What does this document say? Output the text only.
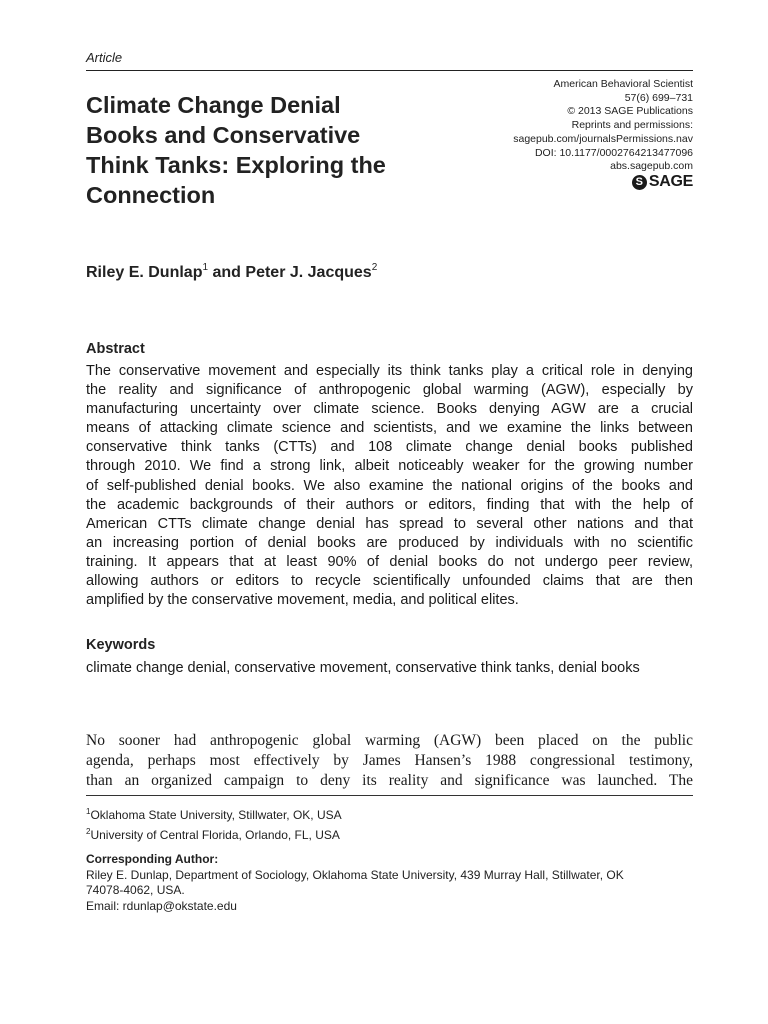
Article
American Behavioral Scientist
57(6) 699–731
© 2013 SAGE Publications
Reprints and permissions:
sagepub.com/journalsPermissions.nav
DOI: 10.1177/0002764213477096
abs.sagepub.com
S SAGE
Climate Change Denial
Books and Conservative
Think Tanks: Exploring the
Connection
Riley E. Dunlap$^1$ and Peter J. Jacques$^2$
Abstract
The conservative movement and especially its think tanks play a critical role in denying
the reality and significance of anthropogenic global warming (AGW), especially by
manufacturing uncertainty over climate science. Books denying AGW are a crucial
means of attacking climate science and scientists, and we examine the links between
conservative think tanks (CTTs) and 108 climate change denial books published
through 2010. We find a strong link, albeit noticeably weaker for the growing number
of self-published denial books. We also examine the national origins of the books and
the academic backgrounds of their authors or editors, finding that with the help of
American CTTs climate change denial has spread to several other nations and that
an increasing portion of denial books are produced by individuals with no scientific
training. It appears that at least 90% of denial books do not undergo peer review,
allowing authors or editors to recycle scientifically unfounded claims that are then
amplified by the conservative movement, media, and political elites.
Keywords
climate change denial, conservative movement, conservative think tanks, denial books
No sooner had anthropogenic global warming (AGW) been placed on the public
agenda, perhaps most effectively by James Hansen’s 1988 congressional testimony,
than an organized campaign to deny its reality and significance was launched. The
$^1$Oklahoma State University, Stillwater, OK, USA
$^2$University of Central Florida, Orlando, FL, USA
Corresponding Author:
Riley E. Dunlap, Department of Sociology, Oklahoma State University, 439 Murray Hall, Stillwater, OK
74078-4062, USA.
Email: rdunlap@okstate.edu
